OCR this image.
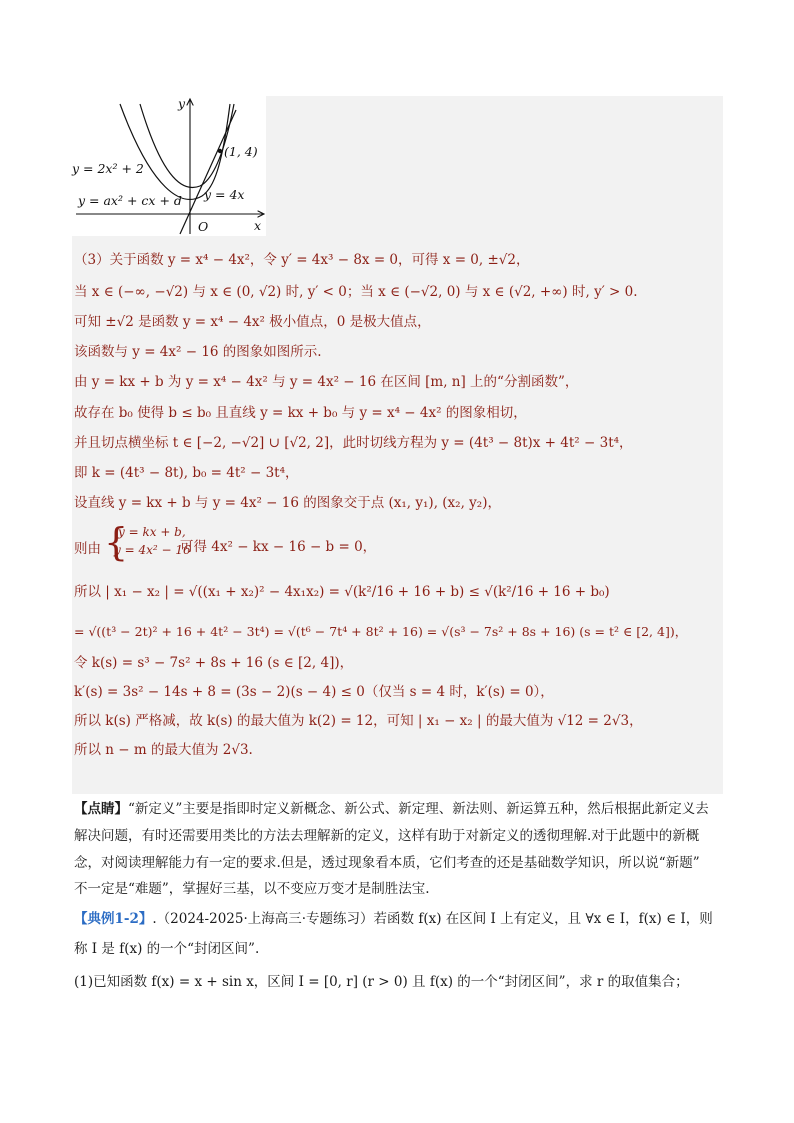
y
x
O
y = 2x² + 2
y = ax² + cx + d y = 4x
(1, 4)
（3）关于函数 y = x⁴ − 4x²，令 y′ = 4x³ − 8x = 0，可得 x = 0, ±√2，
当 x ∈ (−∞, −√2) 与 x ∈ (0, √2) 时, y′ < 0；当 x ∈ (−√2, 0) 与 x ∈ (√2, +∞) 时, y′ > 0.
可知 ±√2 是函数 y = x⁴ − 4x² 极小值点，0 是极大值点，
该函数与 y = 4x² − 16 的图象如图所示.
由 y = kx + b 为 y = x⁴ − 4x² 与 y = 4x² − 16 在区间 [m, n] 上的“分割函数”，
故存在 b₀ 使得 b ≤ b₀ 且直线 y = kx + b₀ 与 y = x⁴ − 4x² 的图象相切，
并且切点横坐标 t ∈ [−2, −√2] ∪ [√2, 2]，此时切线方程为 y = (4t³ − 8t)x + 4t² − 3t⁴，
即 k = (4t³ − 8t), b₀ = 4t² − 3t⁴，
设直线 y = kx + b 与 y = 4x² − 16 的图象交于点 (x₁, y₁), (x₂, y₂)，
则由 {
y = kx + b,
y = 4x² − 16
可得 4x² − kx − 16 − b = 0，
所以 | x₁ − x₂ | = √((x₁ + x₂)² − 4x₁x₂) = √(k²/16 + 16 + b) ≤ √(k²/16 + 16 + b₀)
= √((t³ − 2t)² + 16 + 4t² − 3t⁴) = √(t⁶ − 7t⁴ + 8t² + 16) = √(s³ − 7s² + 8s + 16) (s = t² ∈ [2, 4])，
令 k(s) = s³ − 7s² + 8s + 16 (s ∈ [2, 4])，
k′(s) = 3s² − 14s + 8 = (3s − 2)(s − 4) ≤ 0（仅当 s = 4 时，k′(s) = 0），
所以 k(s) 严格减，故 k(s) 的最大值为 k(2) = 12，可知 | x₁ − x₂ | 的最大值为 √12 = 2√3，
所以 n − m 的最大值为 2√3.
【点睛】“新定义”主要是指即时定义新概念、新公式、新定理、新法则、新运算五种，然后根据此新定义去
解决问题，有时还需要用类比的方法去理解新的定义，这样有助于对新定义的透彻理解.对于此题中的新概
念，对阅读理解能力有一定的要求.但是，透过现象看本质，它们考查的还是基础数学知识，所以说“新题”
不一定是“难题”，掌握好三基，以不变应万变才是制胜法宝.
【典例1-2】.（2024-2025·上海高三·专题练习）若函数 f(x) 在区间 I 上有定义，且 ∀x ∈ I，f(x) ∈ I，则
称 I 是 f(x) 的一个“封闭区间”.
(1)已知函数 f(x) = x + sin x，区间 I = [0, r] (r > 0) 且 f(x) 的一个“封闭区间”，求 r 的取值集合；
